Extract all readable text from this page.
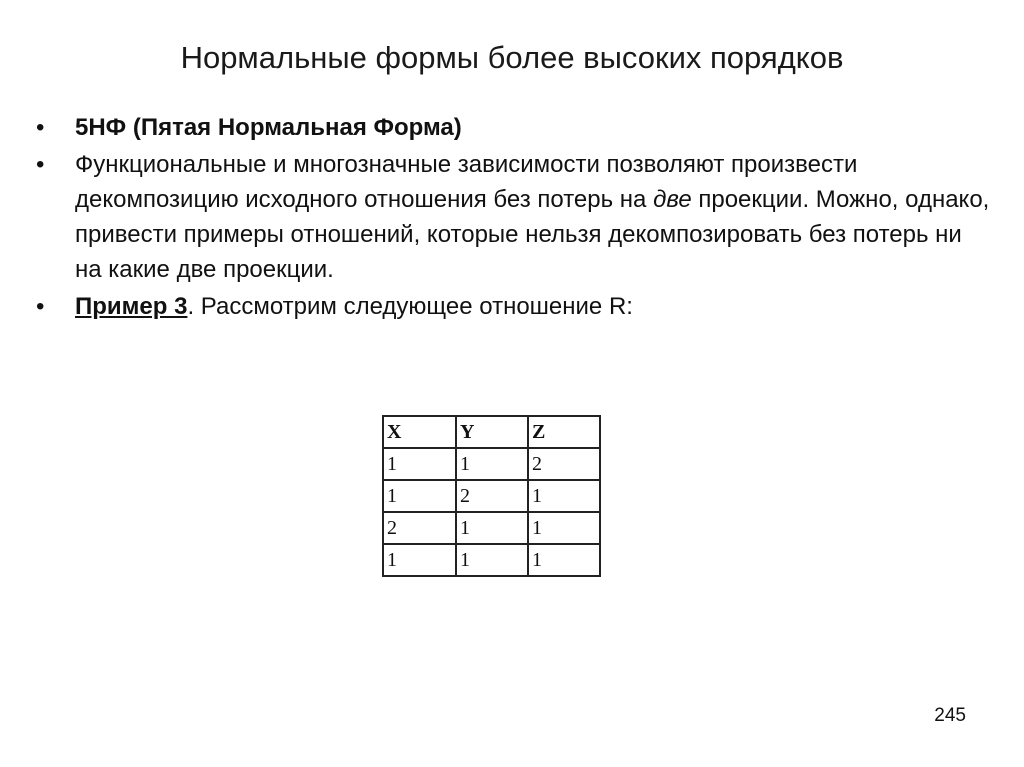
Нормальные формы более высоких порядков
•	5НФ (Пятая Нормальная Форма)
•	Функциональные и многозначные зависимости позволяют произвести декомпозицию исходного отношения без потерь на две проекции. Можно, однако, привести примеры отношений, которые нельзя декомпозировать без потерь ни на какие две проекции.
•	Пример 3. Рассмотрим следующее отношение R:
X	Y	Z
1	1	2
1	2	1
2	1	1
1	1	1
245
